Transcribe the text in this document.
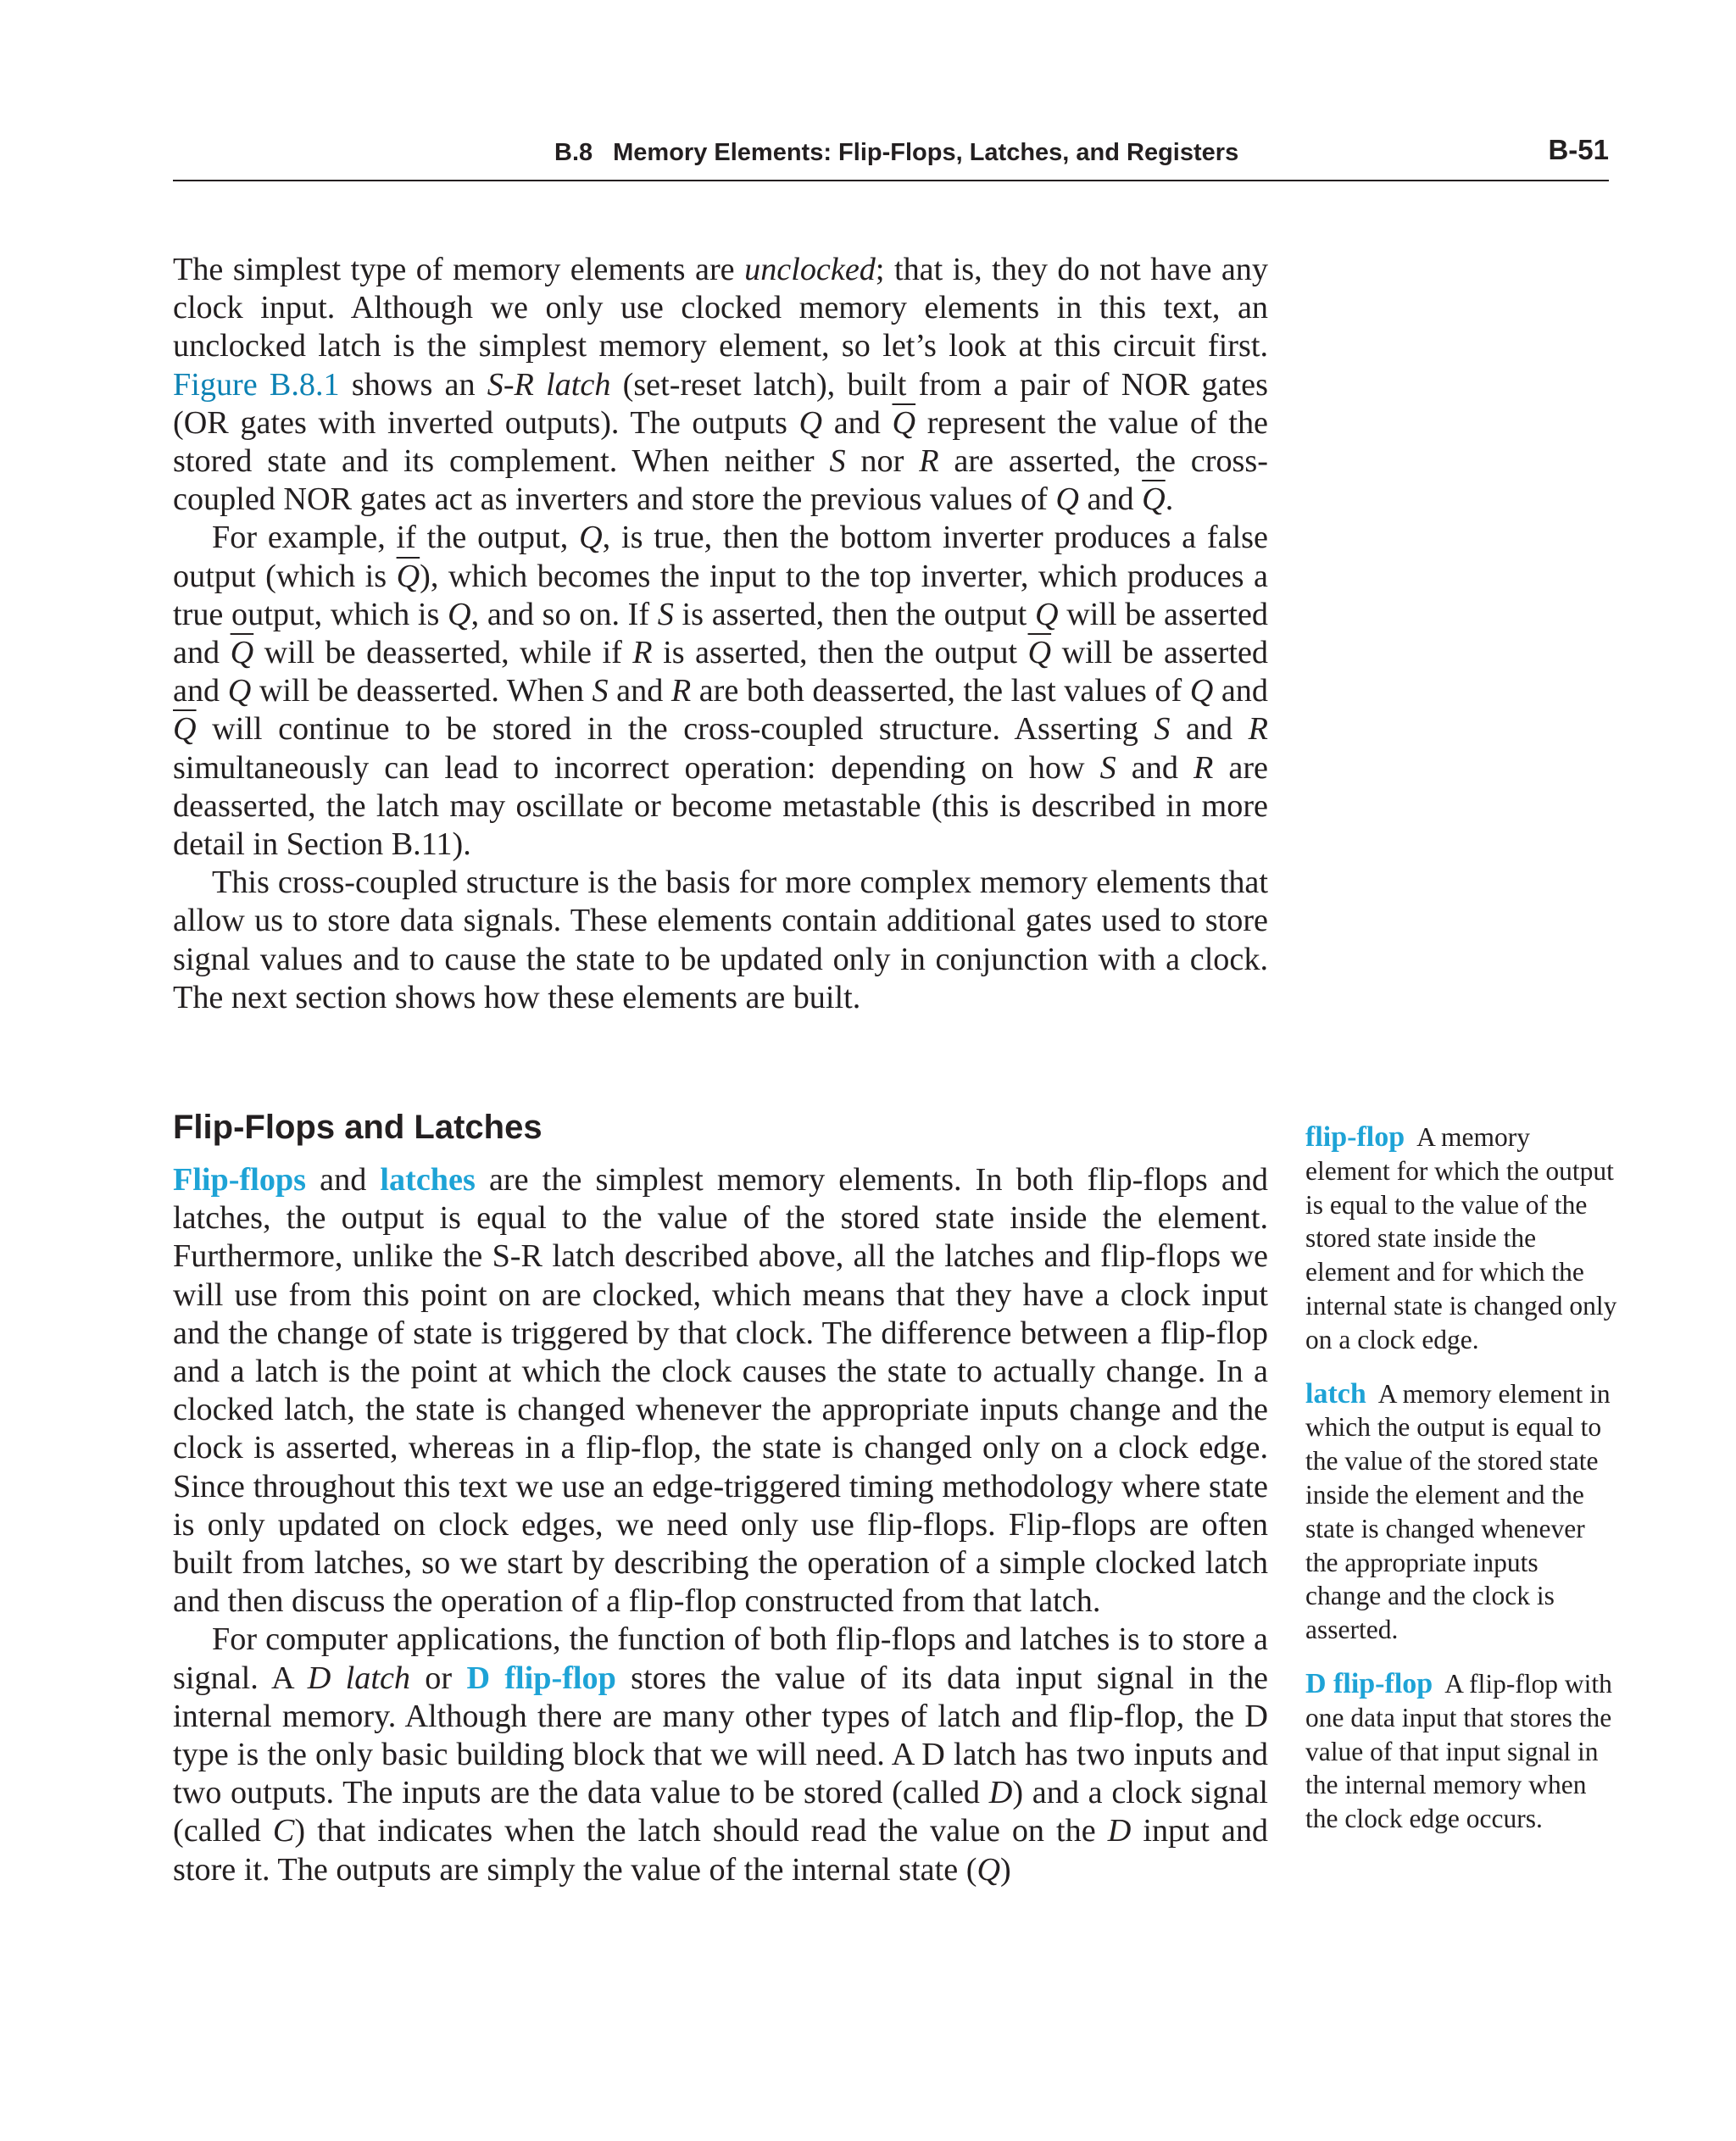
B.8 Memory Elements: Flip-Flops, Latches, and Registers	B-51

The simplest type of memory elements are unclocked; that is, they do not have any clock input. Although we only use clocked memory elements in this text, an unclocked latch is the simplest memory element, so let’s look at this circuit first. Figure B.8.1 shows an S-R latch (set-reset latch), built from a pair of NOR gates (OR gates with inverted outputs). The outputs Q and $\overline{Q}$ represent the value of the stored state and its complement. When neither S nor R are asserted, the cross-coupled NOR gates act as inverters and store the previous values of Q and $\overline{Q}$.

For example, if the output, Q, is true, then the bottom inverter produces a false output (which is $\overline{Q}$), which becomes the input to the top inverter, which produces a true output, which is Q, and so on. If S is asserted, then the output Q will be asserted and $\overline{Q}$ will be deasserted, while if R is asserted, then the output $\overline{Q}$ will be asserted and Q will be deasserted. When S and R are both deasserted, the last values of Q and $\overline{Q}$ will continue to be stored in the cross-coupled structure. Asserting S and R simultaneously can lead to incorrect operation: depending on how S and R are deasserted, the latch may oscillate or become metastable (this is described in more detail in Section B.11).

This cross-coupled structure is the basis for more complex memory elements that allow us to store data signals. These elements contain additional gates used to store signal values and to cause the state to be updated only in conjunction with a clock. The next section shows how these elements are built.

Flip-Flops and Latches

Flip-flops and latches are the simplest memory elements. In both flip-flops and latches, the output is equal to the value of the stored state inside the element. Furthermore, unlike the S-R latch described above, all the latches and flip-flops we will use from this point on are clocked, which means that they have a clock input and the change of state is triggered by that clock. The difference between a flip-flop and a latch is the point at which the clock causes the state to actually change. In a clocked latch, the state is changed whenever the appropriate inputs change and the clock is asserted, whereas in a flip-flop, the state is changed only on a clock edge. Since throughout this text we use an edge-triggered timing methodology where state is only updated on clock edges, we need only use flip-flops. Flip-flops are often built from latches, so we start by describing the operation of a simple clocked latch and then discuss the operation of a flip-flop constructed from that latch.

For computer applications, the function of both flip-flops and latches is to store a signal. A D latch or D flip-flop stores the value of its data input signal in the internal memory. Although there are many other types of latch and flip-flop, the D type is the only basic building block that we will need. A D latch has two inputs and two outputs. The inputs are the data value to be stored (called D) and a clock signal (called C) that indicates when the latch should read the value on the D input and store it. The outputs are simply the value of the internal state (Q)

flip-flop A memory element for which the output is equal to the value of the stored state inside the element and for which the internal state is changed only on a clock edge.

latch A memory element in which the output is equal to the value of the stored state inside the element and the state is changed whenever the appropriate inputs change and the clock is asserted.

D flip-flop A flip-flop with one data input that stores the value of that input signal in the internal memory when the clock edge occurs.
